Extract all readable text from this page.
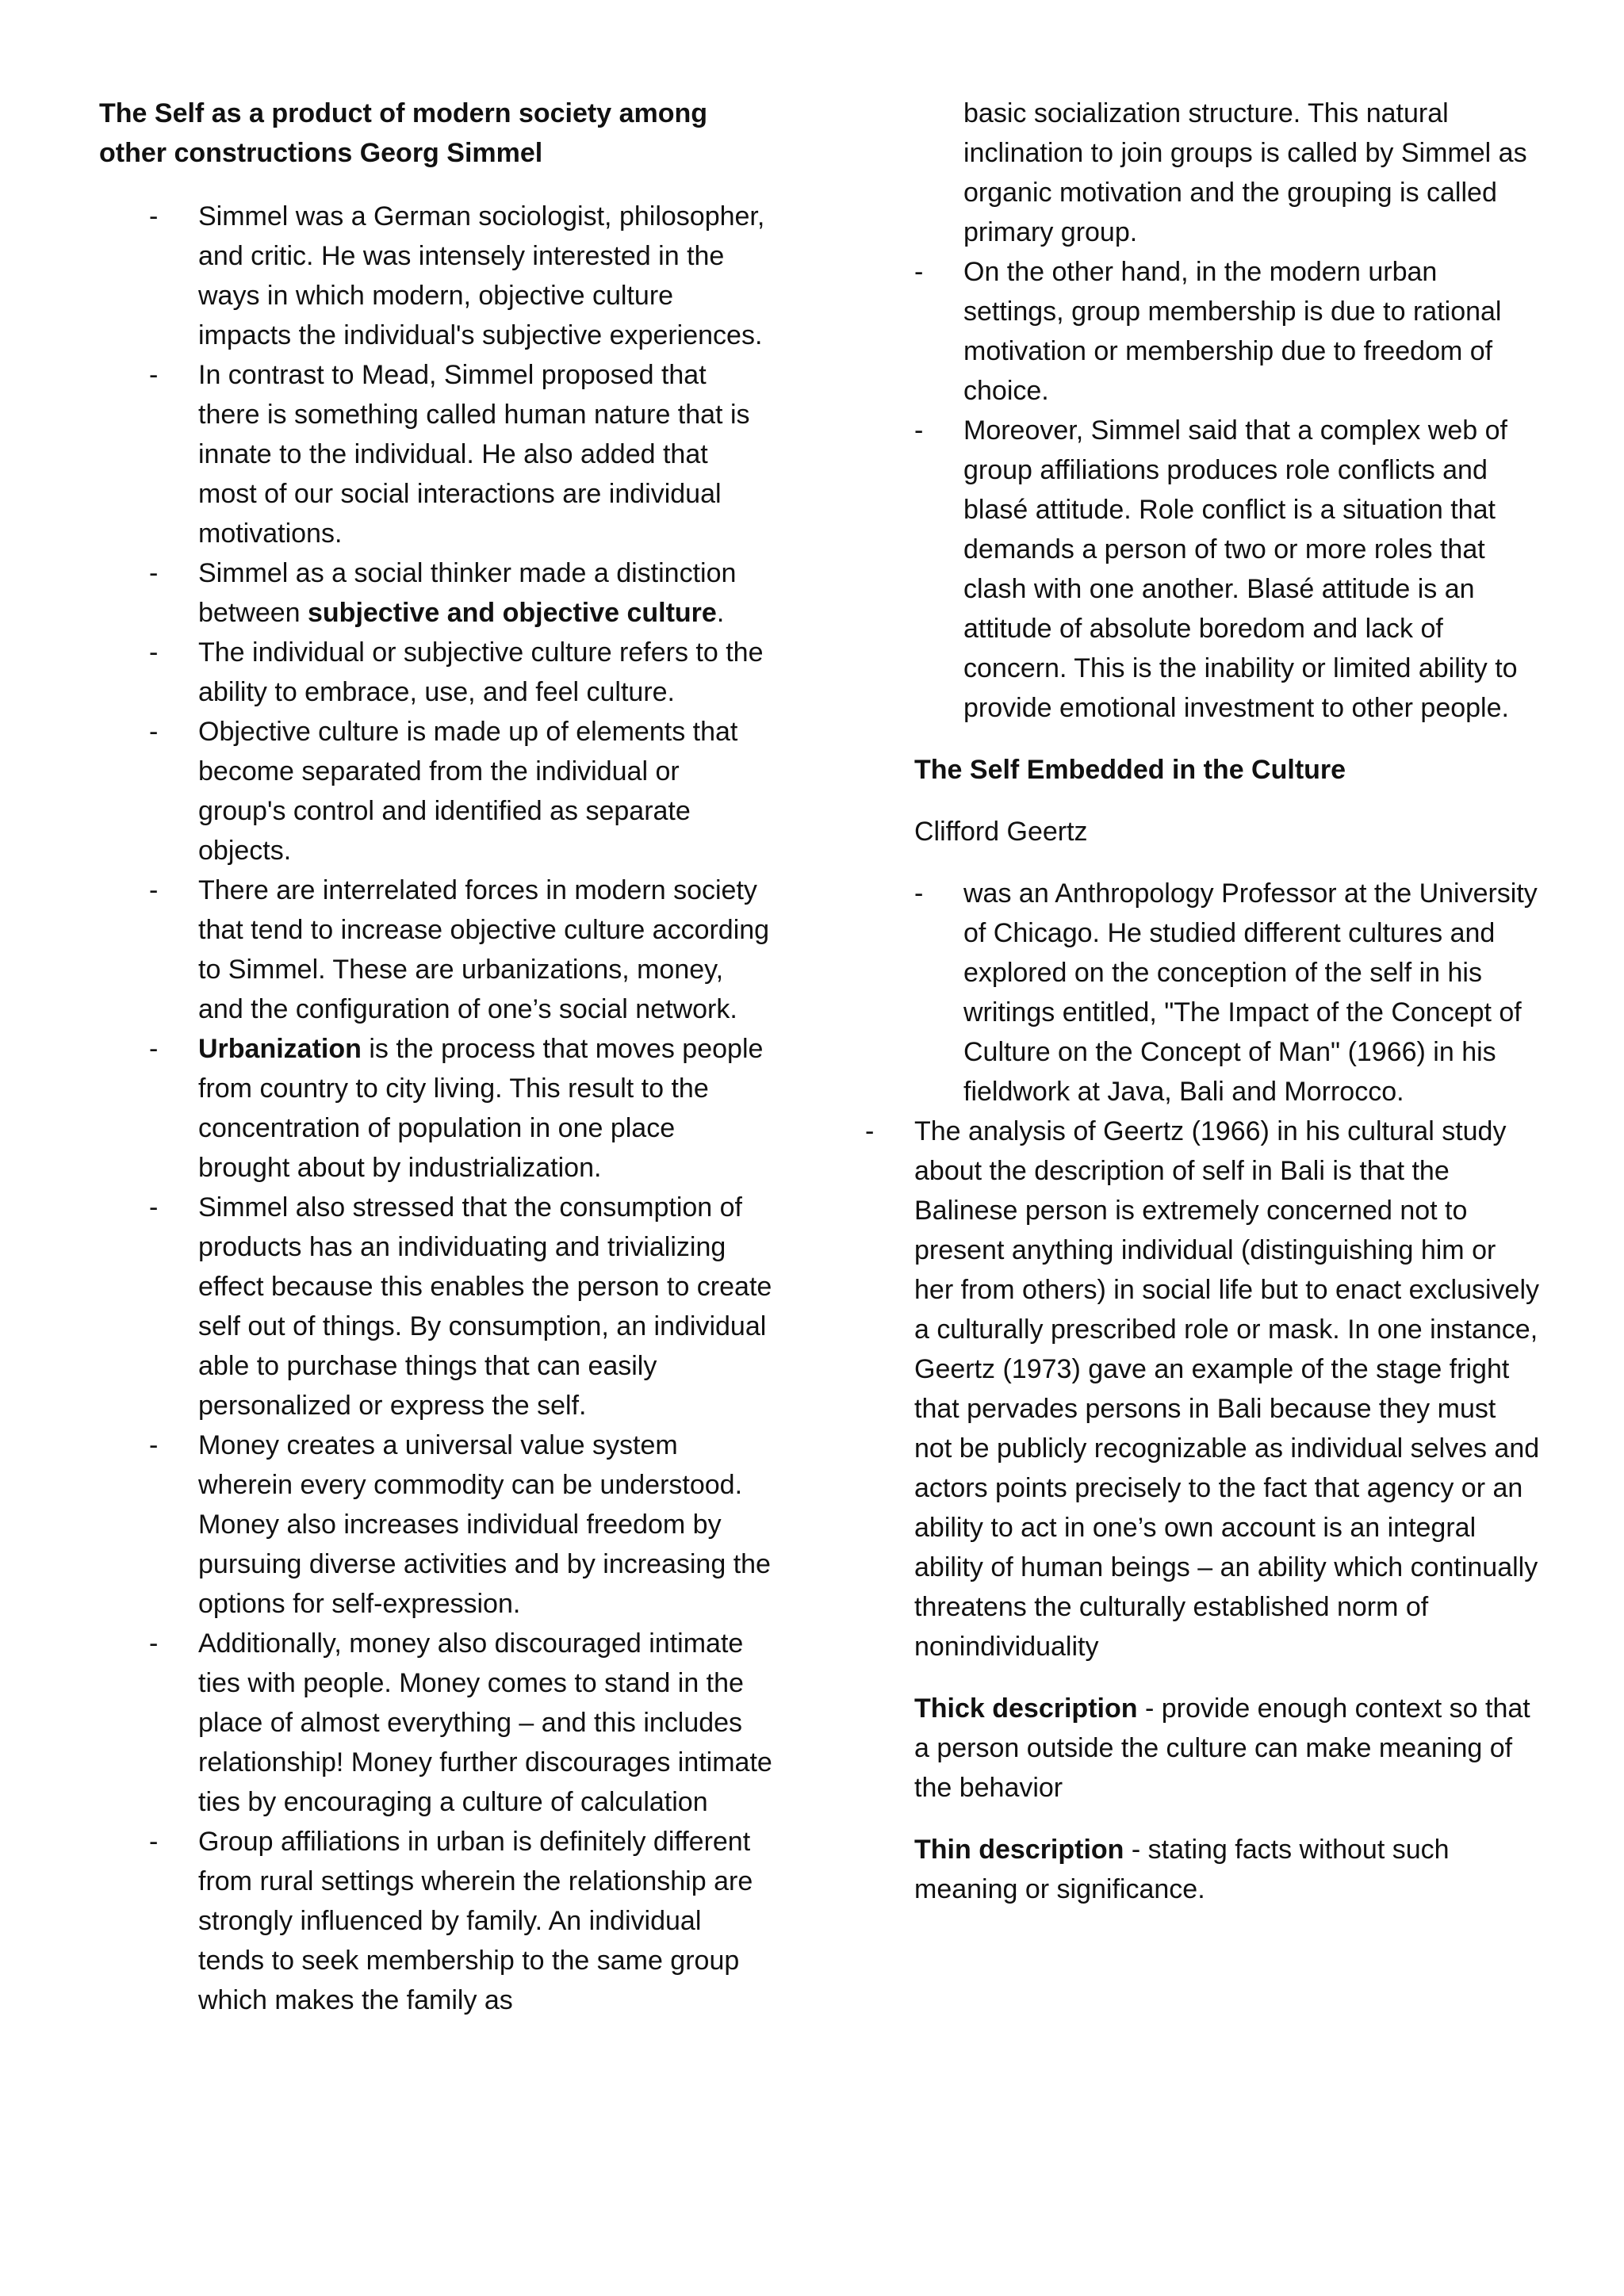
The Self as a product of modern society among other constructions Georg Simmel
- Simmel was a German sociologist, philosopher, and critic. He was intensely interested in the ways in which modern, objective culture impacts the individual's subjective experiences.
- In contrast to Mead, Simmel proposed that there is something called human nature that is innate to the individual. He also added that most of our social interactions are individual motivations.
- Simmel as a social thinker made a distinction between subjective and objective culture.
- The individual or subjective culture refers to the ability to embrace, use, and feel culture.
- Objective culture is made up of elements that become separated from the individual or group's control and identified as separate objects.
- There are interrelated forces in modern society that tend to increase objective culture according to Simmel. These are urbanizations, money, and the configuration of one’s social network.
- Urbanization is the process that moves people from country to city living. This result to the concentration of population in one place brought about by industrialization.
- Simmel also stressed that the consumption of products has an individuating and trivializing effect because this enables the person to create self out of things. By consumption, an individual able to purchase things that can easily personalized or express the self.
- Money creates a universal value system wherein every commodity can be understood. Money also increases individual freedom by pursuing diverse activities and by increasing the options for self-expression.
- Additionally, money also discouraged intimate ties with people. Money comes to stand in the place of almost everything – and this includes relationship! Money further discourages intimate ties by encouraging a culture of calculation
- Group affiliations in urban is definitely different from rural settings wherein the relationship are strongly influenced by family. An individual tends to seek membership to the same group which makes the family as

basic socialization structure. This natural inclination to join groups is called by Simmel as organic motivation and the grouping is called primary group.

- On the other hand, in the modern urban settings, group membership is due to rational motivation or membership due to freedom of choice.
- Moreover, Simmel said that a complex web of group affiliations produces role conflicts and blasé attitude. Role conflict is a situation that demands a person of two or more roles that clash with one another. Blasé attitude is an attitude of absolute boredom and lack of concern. This is the inability or limited ability to provide emotional investment to other people.
The Self Embedded in the Culture

Clifford Geertz

- was an Anthropology Professor at the University of Chicago. He studied different cultures and explored on the conception of the self in his writings entitled, "The Impact of the Concept of Culture on the Concept of Man" (1966) in his fieldwork at Java, Bali and Morrocco.
- The analysis of Geertz (1966) in his cultural study about the description of self in Bali is that the Balinese person is extremely concerned not to present anything individual (distinguishing him or her from others) in social life but to enact exclusively a culturally prescribed role or mask. In one instance, Geertz (1973) gave an example of the stage fright that pervades persons in Bali because they must not be publicly recognizable as individual selves and actors points precisely to the fact that agency or an ability to act in one’s own account is an integral ability of human beings – an ability which continually threatens the culturally established norm of nonindividuality

Thick description - provide enough context so that a person outside the culture can make meaning of the behavior

Thin description - stating facts without such meaning or significance.
